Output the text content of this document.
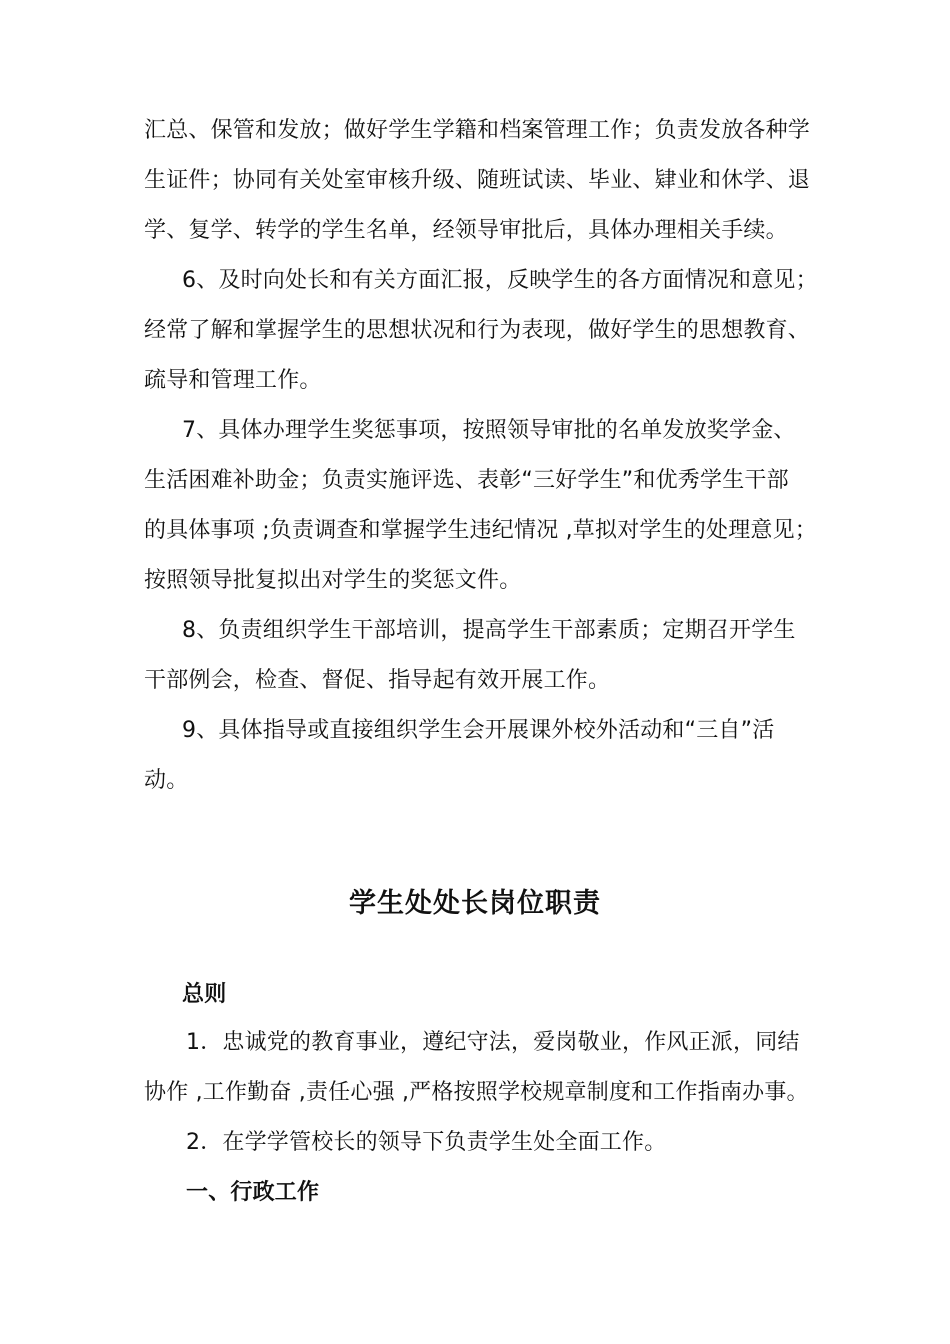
汇总、保管和发放；做好学生学籍和档案管理工作；负责发放各种学
生证件；协同有关处室审核升级、随班试读、毕业、肄业和休学、退
学、复学、转学的学生名单，经领导审批后，具体办理相关手续。
6、及时向处长和有关方面汇报，反映学生的各方面情况和意见；
经常了解和掌握学生的思想状况和行为表现，做好学生的思想教育、
疏导和管理工作。
7、具体办理学生奖惩事项，按照领导审批的名单发放奖学金、
生活困难补助金；负责实施评选、表彰“三好学生”和优秀学生干部
的具体事项 ;负责调查和掌握学生违纪情况 ,草拟对学生的处理意见；
按照领导批复拟出对学生的奖惩文件。
8、负责组织学生干部培训，提高学生干部素质；定期召开学生
干部例会，检查、督促、指导起有效开展工作。
9、具体指导或直接组织学生会开展课外校外活动和“三自”活
动。
学生处处长岗位职责
总则
1．忠诚党的教育事业，遵纪守法，爱岗敬业，作风正派，同结
协作 ,工作勤奋 ,责任心强 ,严格按照学校规章制度和工作指南办事。
2．在学学管校长的领导下负责学生处全面工作。
一、行政工作
